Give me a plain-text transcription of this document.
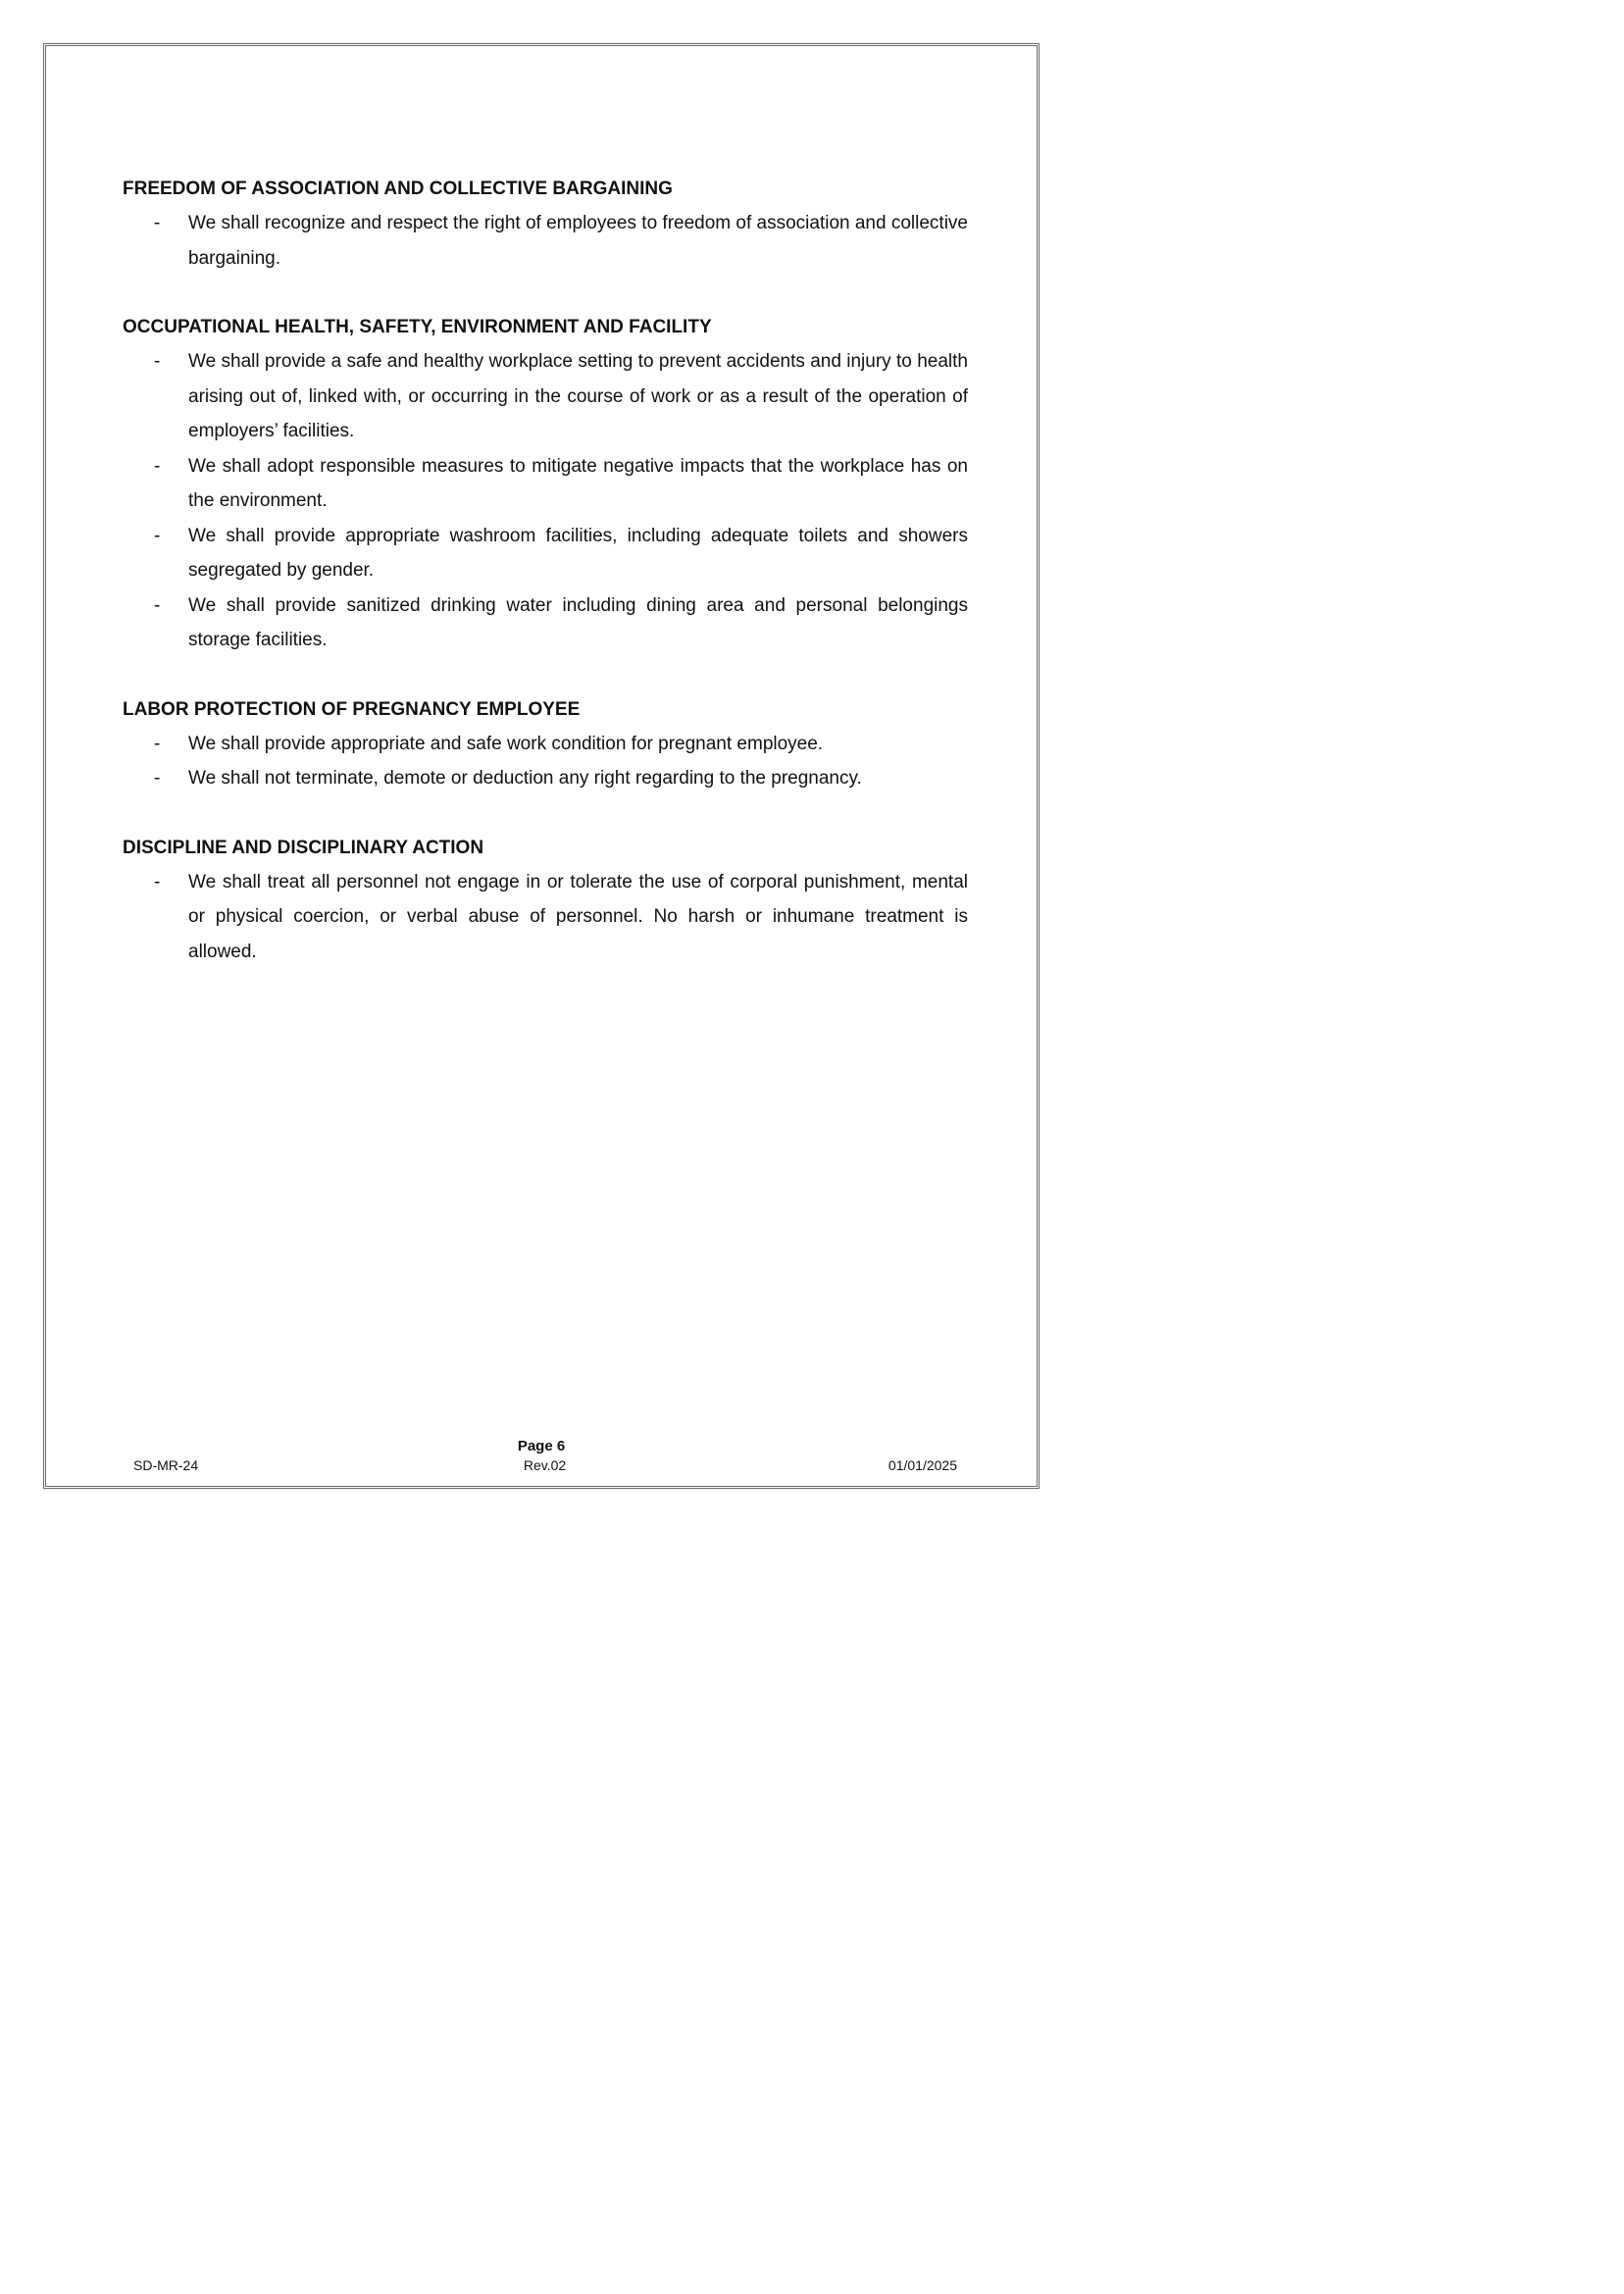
FREEDOM OF ASSOCIATION AND COLLECTIVE BARGAINING

- We shall recognize and respect the right of employees to freedom of association and collective bargaining.

OCCUPATIONAL HEALTH, SAFETY, ENVIRONMENT AND FACILITY

- We shall provide a safe and healthy workplace setting to prevent accidents and injury to health arising out of, linked with, or occurring in the course of work or as a result of the operation of employers’ facilities.
- We shall adopt responsible measures to mitigate negative impacts that the workplace has on the environment.
- We shall provide appropriate washroom facilities, including adequate toilets and showers segregated by gender.
- We shall provide sanitized drinking water including dining area and personal belongings storage facilities.

LABOR PROTECTION OF PREGNANCY EMPLOYEE

- We shall provide appropriate and safe work condition for pregnant employee.
- We shall not terminate, demote or deduction any right regarding to the pregnancy.

DISCIPLINE AND DISCIPLINARY ACTION

- We shall treat all personnel not engage in or tolerate the use of corporal punishment, mental or physical coercion, or verbal abuse of personnel. No harsh or inhumane treatment is allowed.
Page 6
SD-MR-24	Rev.02	01/01/2025
